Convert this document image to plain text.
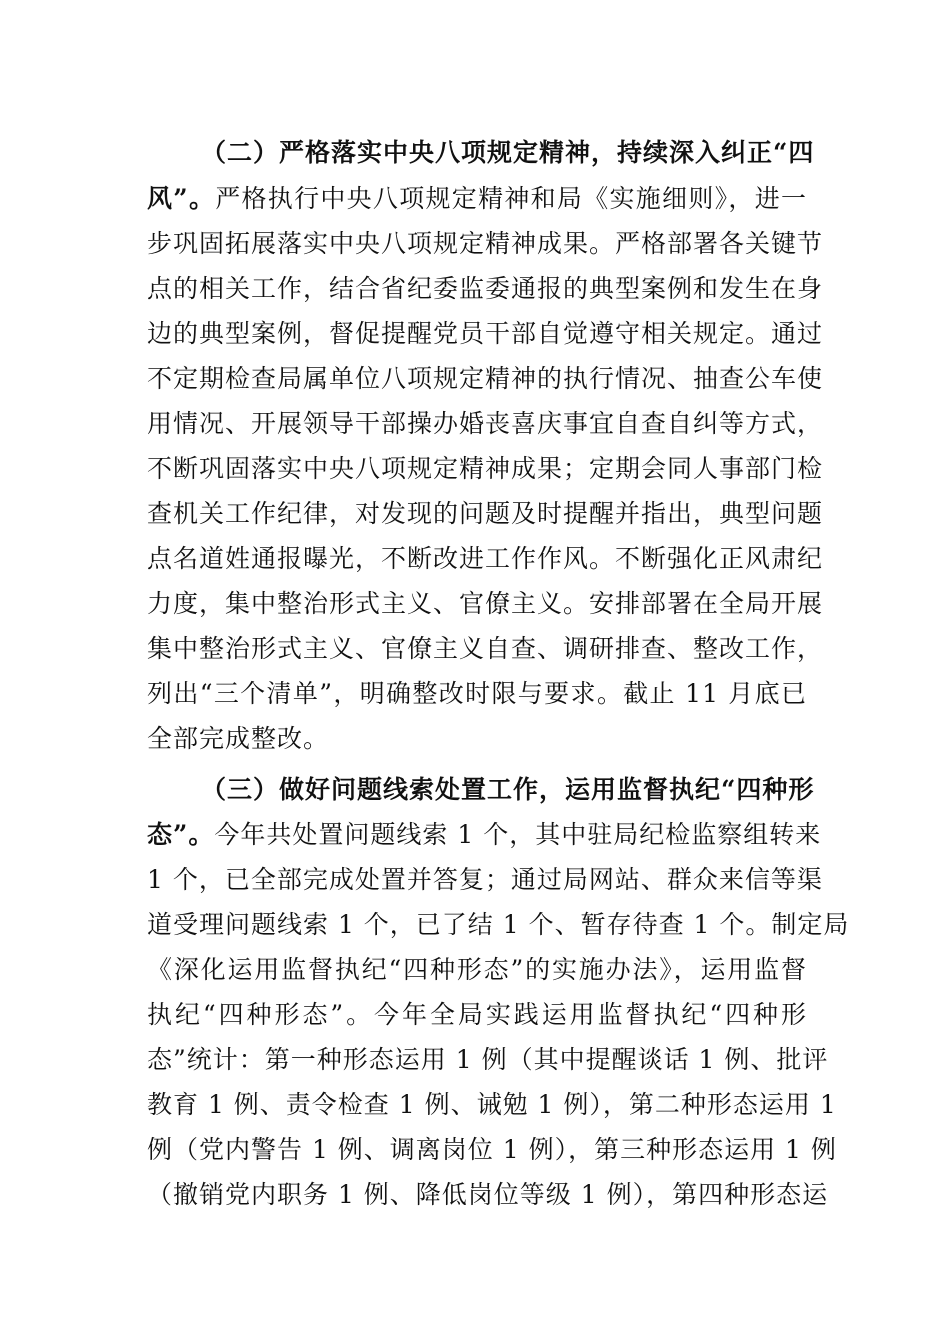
（二）严格落实中央八项规定精神，持续深入纠正“四
风”。严格执行中央八项规定精神和局《实施细则》，进一
步巩固拓展落实中央八项规定精神成果。严格部署各关键节
点的相关工作，结合省纪委监委通报的典型案例和发生在身
边的典型案例，督促提醒党员干部自觉遵守相关规定。通过
不定期检查局属单位八项规定精神的执行情况、抽查公车使
用情况、开展领导干部操办婚丧喜庆事宜自查自纠等方式，
不断巩固落实中央八项规定精神成果；定期会同人事部门检
查机关工作纪律，对发现的问题及时提醒并指出，典型问题
点名道姓通报曝光，不断改进工作作风。不断强化正风肃纪
力度，集中整治形式主义、官僚主义。安排部署在全局开展
集中整治形式主义、官僚主义自查、调研排查、整改工作，
列出“三个清单”，明确整改时限与要求。截止 11 月底已
全部完成整改。
（三）做好问题线索处置工作，运用监督执纪“四种形
态”。今年共处置问题线索 1 个，其中驻局纪检监察组转来
1 个，已全部完成处置并答复；通过局网站、群众来信等渠
道受理问题线索 1 个，已了结 1 个、暂存待查 1 个。制定局
《深化运用监督执纪“四种形态”的实施办法》，运用监督
执纪“四种形态”。今年全局实践运用监督执纪“四种形
态”统计：第一种形态运用 1 例（其中提醒谈话 1 例、批评
教育 1 例、责令检查 1 例、诫勉 1 例），第二种形态运用 1
例（党内警告 1 例、调离岗位 1 例），第三种形态运用 1 例
（撤销党内职务 1 例、降低岗位等级 1 例），第四种形态运
